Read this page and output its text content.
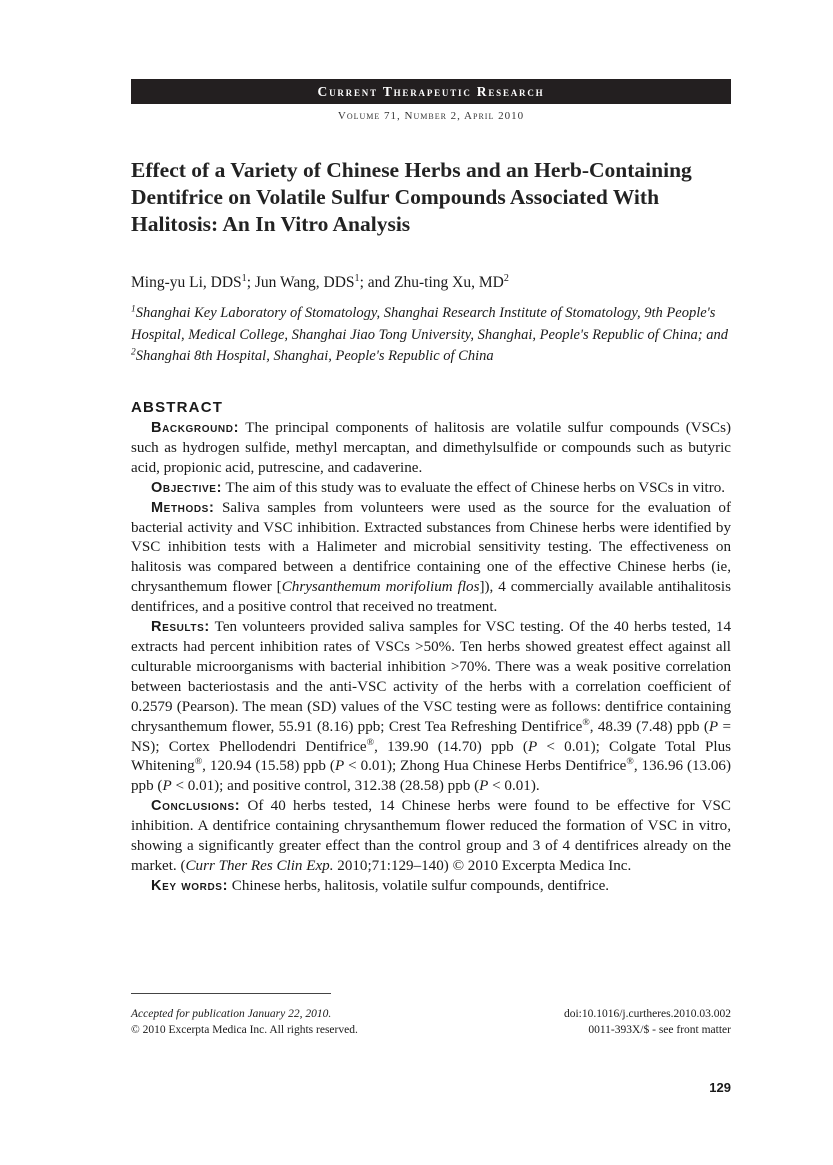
Current Therapeutic Research
Volume 71, Number 2, April 2010
Effect of a Variety of Chinese Herbs and an Herb-Containing Dentifrice on Volatile Sulfur Compounds Associated With Halitosis: An In Vitro Analysis
Ming-yu Li, DDS$^1$; Jun Wang, DDS$^1$; and Zhu-ting Xu, $MD^2$
$^1$Shanghai Key Laboratory of Stomatology, Shanghai Research Institute of Stomatology, 9th People's Hospital, Medical College, Shanghai Jiao Tong University, Shanghai, People's Republic of China; and $^2$Shanghai 8th Hospital, Shanghai, People's Republic of China
ABSTRACT

Background: The principal components of halitosis are volatile sulfur compounds (VSCs) such as hydrogen sulfide, methyl mercaptan, and dimethylsulfide or compounds such as butyric acid, propionic acid, putrescine, and cadaverine.

Objective: The aim of this study was to evaluate the effect of Chinese herbs on VSCs in vitro.

Methods: Saliva samples from volunteers were used as the source for the evaluation of bacterial activity and VSC inhibition. Extracted substances from Chinese herbs were identified by VSC inhibition tests with a Halimeter and microbial sensitivity testing. The effectiveness on halitosis was compared between a dentifrice containing one of the effective Chinese herbs (ie, chrysanthemum flower [Chrysanthemum morifolium flos]), 4 commercially available antihalitosis dentifrices, and a positive control that received no treatment.

Results: Ten volunteers provided saliva samples for VSC testing. Of the 40 herbs tested, 14 extracts had percent inhibition rates of VSCs >50%. Ten herbs showed greatest effect against all culturable microorganisms with bacterial inhibition >70%. There was a weak positive correlation between bacteriostasis and the anti-VSC activity of the herbs with a correlation coefficient of 0.2579 (Pearson). The mean (SD) values of the VSC testing were as follows: dentifrice containing chrysanthemum flower, 55.91 (8.16) ppb; Crest Tea Refreshing Dentifrice®, 48.39 (7.48) ppb (P = NS); Cortex Phellodendri Dentifrice®, 139.90 (14.70) ppb (P < 0.01); Colgate Total Plus Whitening®, 120.94 (15.58) ppb (P < 0.01); Zhong Hua Chinese Herbs Dentifrice®, 136.96 (13.06) ppb (P < 0.01); and positive control, 312.38 (28.58) ppb (P < 0.01).

Conclusions: Of 40 herbs tested, 14 Chinese herbs were found to be effective for VSC inhibition. A dentifrice containing chrysanthemum flower reduced the formation of VSC in vitro, showing a significantly greater effect than the control group and 3 of 4 dentifrices already on the market. (Curr Ther Res Clin Exp. 2010;71:129–140) © 2010 Excerpta Medica Inc.

Key words: Chinese herbs, halitosis, volatile sulfur compounds, dentifrice.

Accepted for publication January 22, 2010.
© 2010 Excerpta Medica Inc. All rights reserved.
doi:10.1016/j.curtheres.2010.03.002
0011-393X/$ - see front matter
129
